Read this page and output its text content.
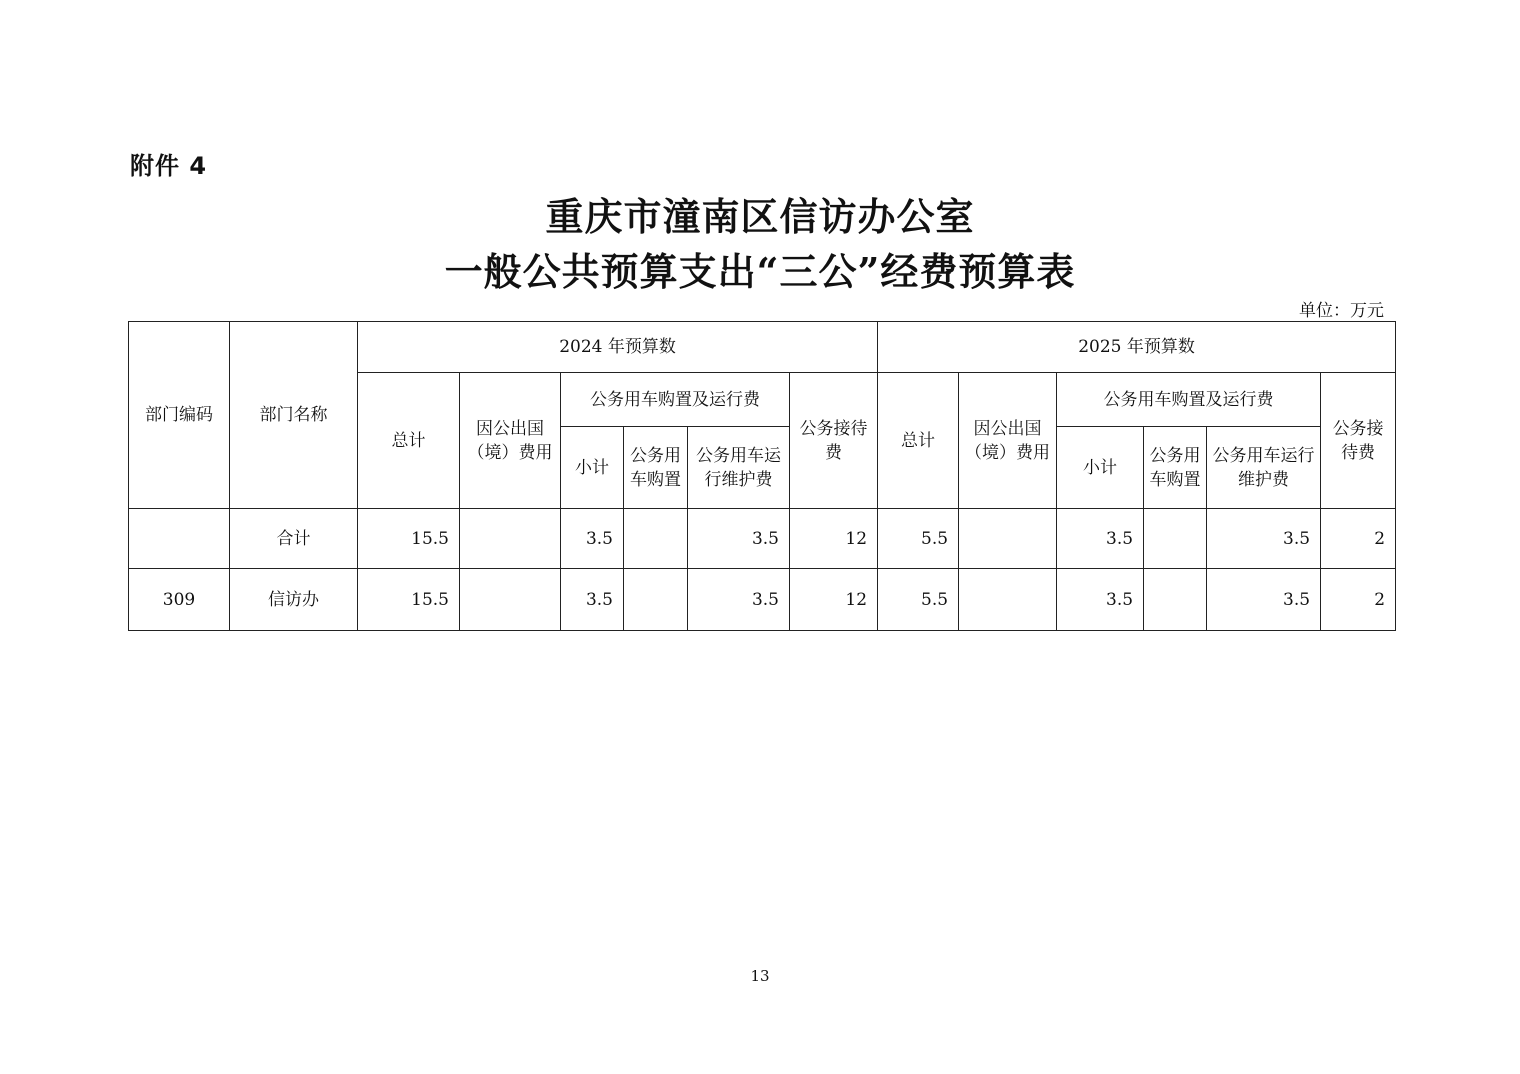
附件 4
重庆市潼南区信访办公室
一般公共预算支出“三公”经费预算表
单位：万元
部门编码	部门名称	2024 年预算数						2025 年预算数					
		总计	因公出国（境）费用	公务用车购置及运行费			公务接待费	总计	因公出国（境）费用	公务用车购置及运行费			公务接待费
				小计	公务用车购置	公务用车运行维护费				小计	公务用车购置	公务用车运行维护费	
	合计	15.5		3.5		3.5	12	5.5		3.5		3.5	2
309	信访办	15.5		3.5		3.5	12	5.5		3.5		3.5	2
13
